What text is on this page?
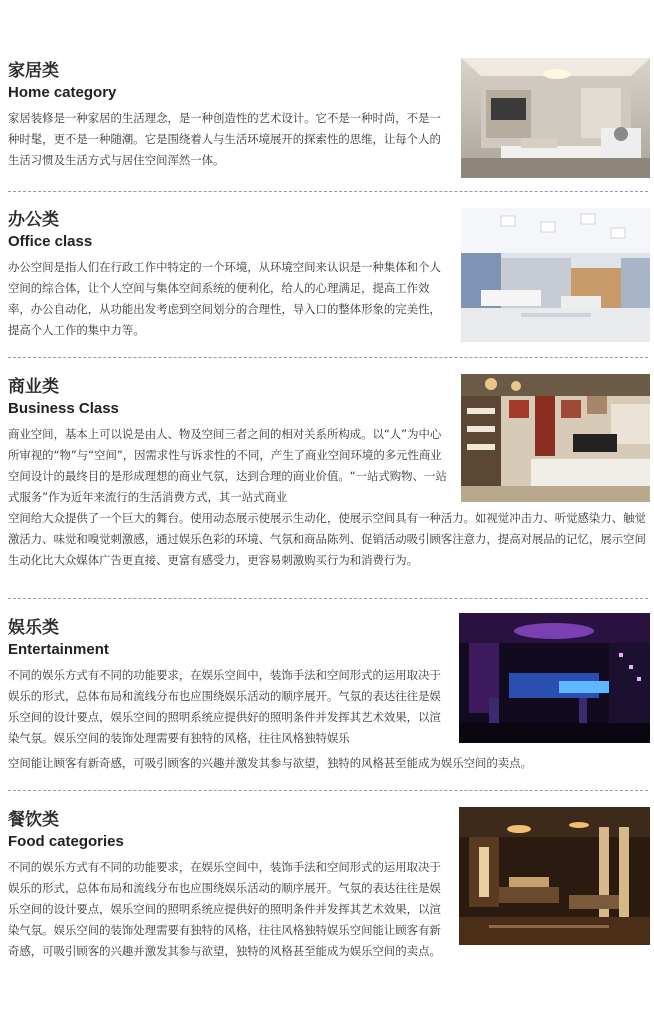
家居类
Home category
家居装修是一种家居的生活理念，是一种创造性的艺术设计。它不是一种时尚，不是一种时髦，更不是一种随潮。它是围绕着人与生活环境展开的探索性的思维，让每个人的生活习惯及生活方式与居住空间浑然一体。
办公类
Office class
办公空间是指人们在行政工作中特定的一个环境，从环境空间来认识是一种集体和个人空间的综合体，让个人空间与集体空间系统的便利化，给人的心理满足，提高工作效率，办公自动化，从功能出发考虑到空间划分的合理性，导入口的整体形象的完美性，提高个人工作的集中力等。
商业类
Business Class
商业空间，基本上可以说是由人、物及空间三者之间的相对关系所构成。以“人”为中心所审视的“物”与“空间”，因需求性与诉求性的不同，产生了商业空间环境的多元性商业空间设计的最终目的是形成理想的商业气氛，达到合理的商业价值。“一站式购物、一站式服务”作为近年来流行的生活消费方式，其一站式商业
空间给大众提供了一个巨大的舞台。使用动态展示使展示生动化，使展示空间具有一种活力。如视觉冲击力、听觉感染力、触觉激活力、味觉和嗅觉刺激感，通过娱乐色彩的环境、气氛和商品陈列、促销活动吸引顾客注意力，提高对展品的记忆，展示空间生动化比大众媒体广告更直接、更富有感受力，更容易刺激购买行为和消费行为。
娱乐类
Entertainment
不同的娱乐方式有不同的功能要求，在娱乐空间中，装饰手法和空间形式的运用取决于娱乐的形式，总体布局和流线分布也应围绕娱乐活动的顺序展开。气氛的表达往往是娱乐空间的设计要点，娱乐空间的照明系统应提供好的照明条件并发挥其艺术效果，以渲染气氛。娱乐空间的装饰处理需要有独特的风格，往往风格独特娱乐
空间能让顾客有新奇感，可吸引顾客的兴趣并激发其参与欲望，独特的风格甚至能成为娱乐空间的卖点。
餐饮类
Food categories
不同的娱乐方式有不同的功能要求，在娱乐空间中，装饰手法和空间形式的运用取决于娱乐的形式，总体布局和流线分布也应围绕娱乐活动的顺序展开。气氛的表达往往是娱乐空间的设计要点，娱乐空间的照明系统应提供好的照明条件并发挥其艺术效果，以渲染气氛。娱乐空间的装饰处理需要有独特的风格，往往风格独特娱乐空间能让顾客有新奇感，可吸引顾客的兴趣并激发其参与欲望，独特的风格甚至能成为娱乐空间的卖点。
